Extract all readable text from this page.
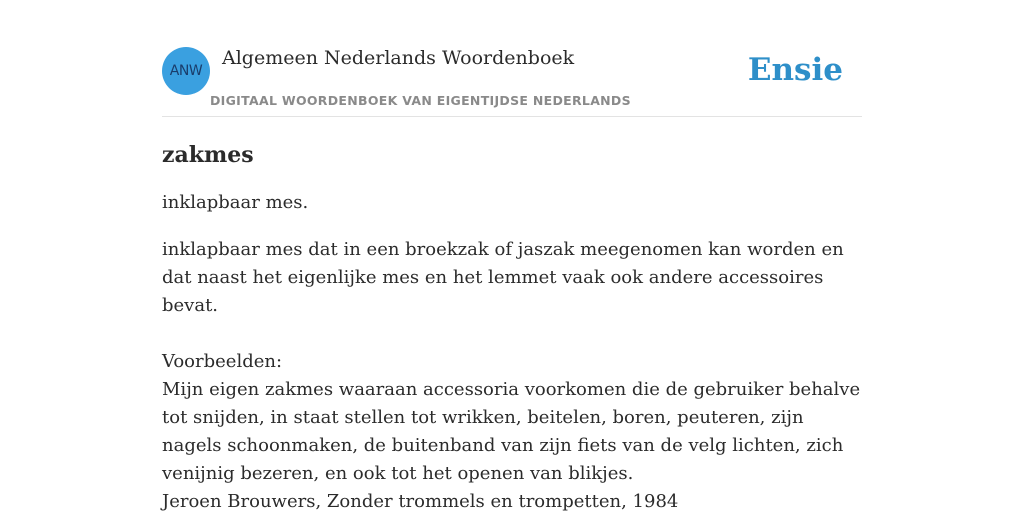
ANW
Algemeen Nederlands Woordenboek
DIGITAAL WOORDENBOEK VAN EIGENTIJDSE NEDERLANDS
Ensie
zakmes

inklapbaar mes.

inklapbaar mes dat in een broekzak of jaszak meegenomen kan worden en dat naast het eigenlijke mes en het lemmet vaak ook andere accessoires bevat.

Voorbeelden:

Mijn eigen zakmes waaraan accessoria voorkomen die de gebruiker behalve tot snijden, in staat stellen tot wrikken, beitelen, boren, peuteren, zijn nagels schoonmaken, de buitenband van zijn fiets van de velg lichten, zich venijnig bezeren, en ook tot het openen van blikjes.

Jeroen Brouwers, Zonder trommels en trompetten, 1984
